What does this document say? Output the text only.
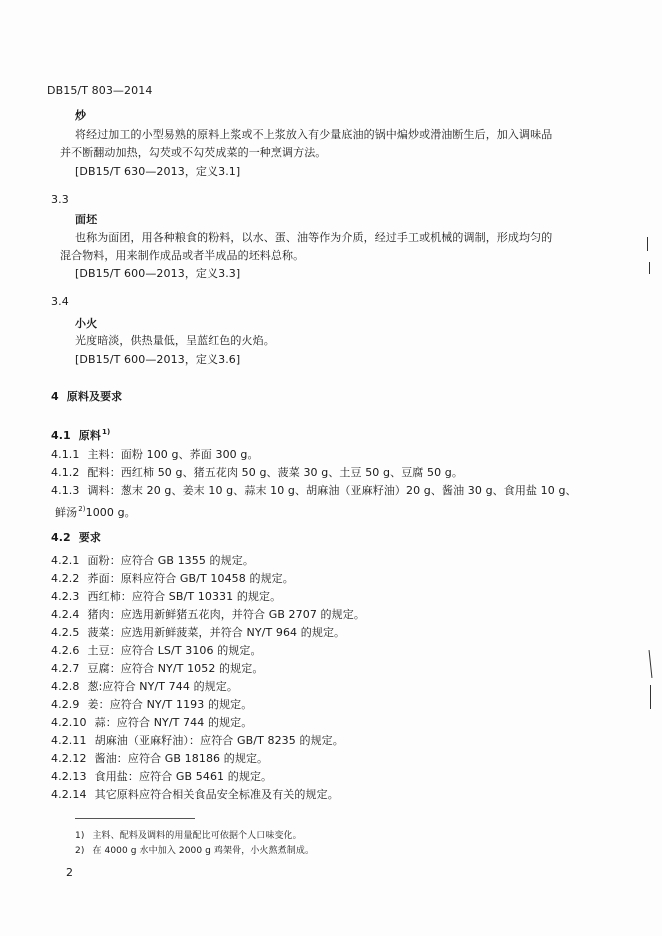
DB15/T 803—2014
炒
将经过加工的小型易熟的原料上浆或不上浆放入有少量底油的锅中煸炒或滑油断生后，加入调味品
并不断翻动加热，勾芡或不勾芡成菜的一种烹调方法。
[DB15/T 630—2013，定义3.1]
3.3
面坯
也称为面团，用各种粮食的粉料，以水、蛋、油等作为介质，经过手工或机械的调制，形成均匀的
混合物料，用来制作成品或者半成品的坯料总称。
[DB15/T 600—2013，定义3.3]
3.4
小火
光度暗淡，供热量低，呈蓝红色的火焰。
[DB15/T 600—2013，定义3.6]
4 原料及要求
4.1 原料$^{1)}$
4.1.1 主料：面粉 100 g、荞面 300 g。
4.1.2 配料：西红柿 50 g、猪五花肉 50 g、菠菜 30 g、土豆 50 g、豆腐 50 g。
4.1.3 调料：葱末 20 g、姜末 10 g、蒜末 10 g、胡麻油（亚麻籽油）20 g、酱油 30 g、食用盐 10 g、
鲜汤$^{2)}$1000 g。
4.2 要求
4.2.1 面粉：应符合 GB 1355 的规定。
4.2.2 荞面：原料应符合 GB/T 10458 的规定。
4.2.3 西红柿：应符合 SB/T 10331 的规定。
4.2.4 猪肉：应选用新鲜猪五花肉，并符合 GB 2707 的规定。
4.2.5 菠菜：应选用新鲜菠菜，并符合 NY/T 964 的规定。
4.2.6 土豆：应符合 LS/T 3106 的规定。
4.2.7 豆腐：应符合 NY/T 1052 的规定。
4.2.8 葱:应符合 NY/T 744 的规定。
4.2.9 姜：应符合 NY/T 1193 的规定。
4.2.10 蒜：应符合 NY/T 744 的规定。
4.2.11 胡麻油（亚麻籽油）：应符合 GB/T 8235 的规定。
4.2.12 酱油：应符合 GB 18186 的规定。
4.2.13 食用盐：应符合 GB 5461 的规定。
4.2.14 其它原料应符合相关食品安全标准及有关的规定。
1) 主料、配料及调料的用量配比可依据个人口味变化。
2) 在 4000 g 水中加入 2000 g 鸡架骨，小火熬煮制成。
2
